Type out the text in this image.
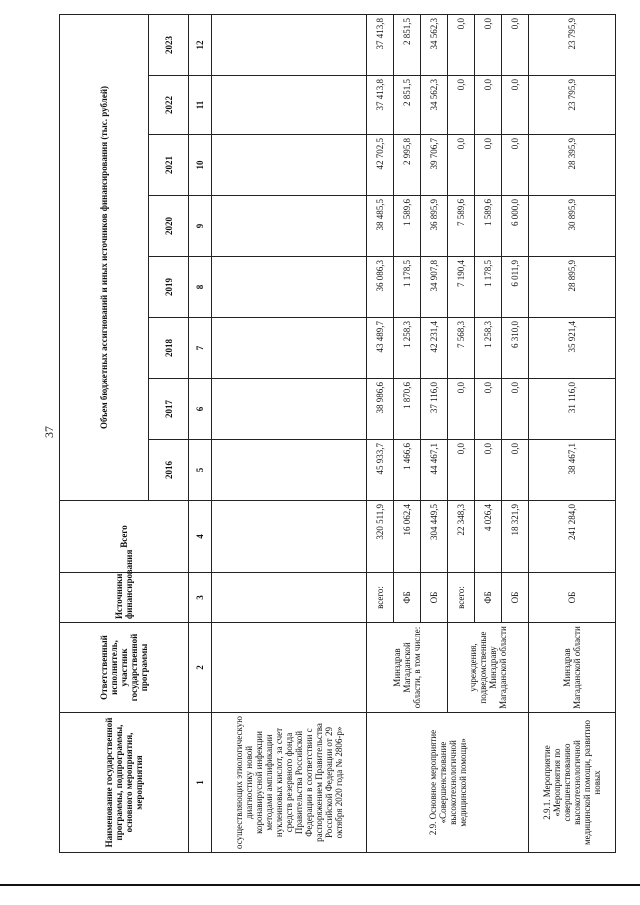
37
Наименование государственной программы, подпрограммы, основного мероприятия, мероприятия	Ответственный исполнитель, участник государственной программы	Источники финансирования	Всего	Объем бюджетных ассигнований и иных источников финансирования (тыс. рублей)							
				2016	2017	2018	2019	2020	2021	2022	2023
1	2	3	4	5	6	7	8	9	10	11	12
осуществляющих этиологическую диагностику новой коронавирусной инфекции методами амплификации нуклеиновых кислот, за счет средств резервного фонда Правительства Российской Федерации в соответствии с распоряжением Правительства Российской Федерации от 29 октября 2020 года № 2806-р»											
2.9. Основное мероприятие «Совершенствование высокотехнологичной медицинской помощи»	Минздрав Магаданской области, в том числе:	всего:	320 511,9	45 933,7	38 986,6	43 489,7	36 086,3	38 485,5	42 702,5	37 413,8	37 413,8
		ФБ	16 062,4	1 466,6	1 870,6	1 258,3	1 178,5	1 589,6	2 995,8	2 851,5	2 851,5
		ОБ	304 449,5	44 467,1	37 116,0	42 231,4	34 907,8	36 895,9	39 706,7	34 562,3	34 562,3
	учреждения, подведомственные Минздраву Магаданской области	всего:	22 348,3	0,0	0,0	7 568,3	7 190,4	7 589,6	0,0	0,0	0,0
		ФБ	4 026,4	0,0	0,0	1 258,3	1 178,5	1 589,6	0,0	0,0	0,0
		ОБ	18 321,9	0,0	0,0	6 310,0	6 011,9	6 000,0	0,0	0,0	0,0
2.9.1. Мероприятие «Мероприятия по совершенствованию высокотехнологичной медицинской помощи, развитию новых	Минздрав Магаданской области	ОБ	241 284,0	38 467,1	31 116,0	35 921,4	28 895,9	30 895,9	28 395,9	23 795,9	23 795,9
